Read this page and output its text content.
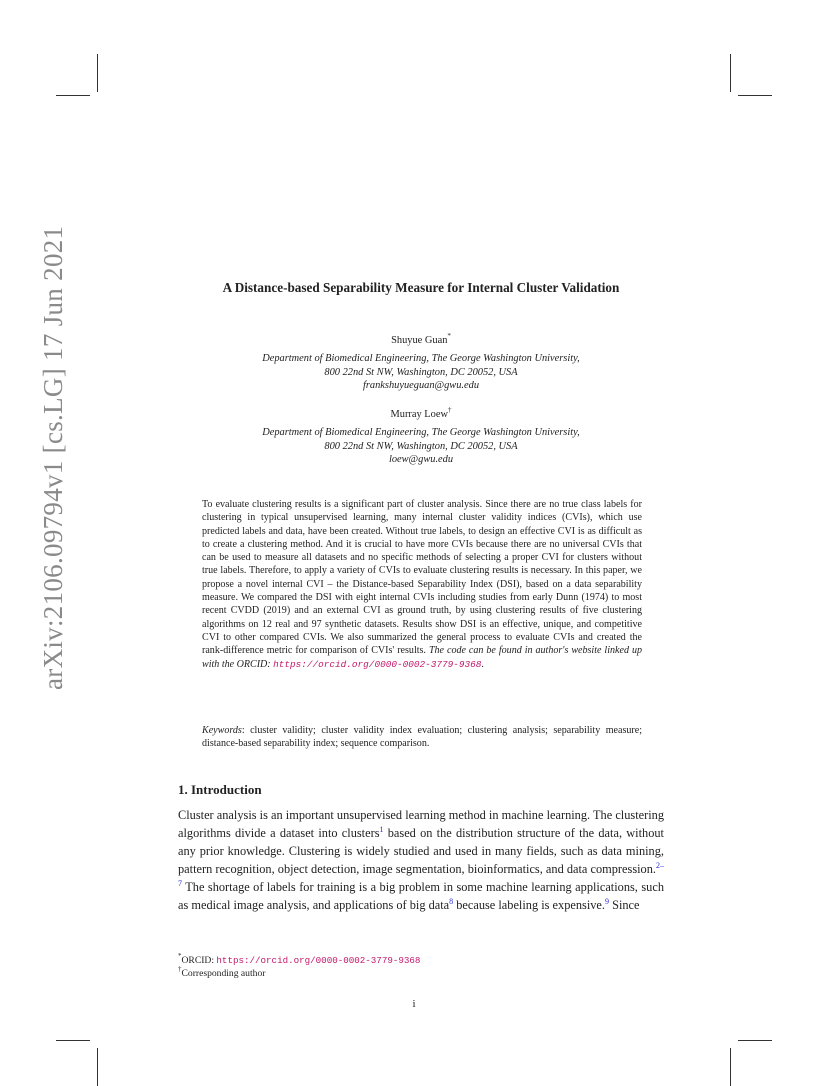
arXiv:2106.09794v1 [cs.LG] 17 Jun 2021	A Distance-based Separability Measure for Internal Cluster Validation
Shuyue Guan*
Department of Biomedical Engineering, The George Washington University,
800 22nd St NW, Washington, DC 20052, USA
frankshuyueguan@gwu.edu
Murray Loew†
Department of Biomedical Engineering, The George Washington University,
800 22nd St NW, Washington, DC 20052, USA
loew@gwu.edu
To evaluate clustering results is a significant part of cluster analysis. Since there are no true class labels for clustering in typical unsupervised learning, many internal cluster validity indices (CVIs), which use predicted labels and data, have been created. Without true labels, to design an effective CVI is as difficult as to create a clustering method. And it is crucial to have more CVIs because there are no universal CVIs that can be used to measure all datasets and no specific methods of selecting a proper CVI for clusters without true labels. Therefore, to apply a variety of CVIs to evaluate clustering results is necessary. In this paper, we propose a novel internal CVI – the Distance-based Separability Index (DSI), based on a data separability measure. We compared the DSI with eight internal CVIs including studies from early Dunn (1974) to most recent CVDD (2019) and an external CVI as ground truth, by using clustering results of five clustering algorithms on 12 real and 97 synthetic datasets. Results show DSI is an effective, unique, and competitive CVI to other compared CVIs. We also summarized the general process to evaluate CVIs and created the rank-difference metric for comparison of CVIs' results. The code can be found in author's website linked up with the ORCID: https://orcid.org/0000-0002-3779-9368.
Keywords: cluster validity; cluster validity index evaluation; clustering analysis; separability measure; distance-based separability index; sequence comparison.
1. Introduction
Cluster analysis is an important unsupervised learning method in machine learning. The clustering algorithms divide a dataset into clusters$^1$ based on the distribution structure of the data, without any prior knowledge. Clustering is widely studied and used in many fields, such as data mining, pattern recognition, object detection, image segmentation, bioinformatics, and data compression.$^{2-7}$ The shortage of labels for training is a big problem in some machine learning applications, such as medical image analysis, and applications of big data$^8$ because labeling is expensive.$^9$ Since
*ORCID: https://orcid.org/0000-0002-3779-9368
†Corresponding author
i
